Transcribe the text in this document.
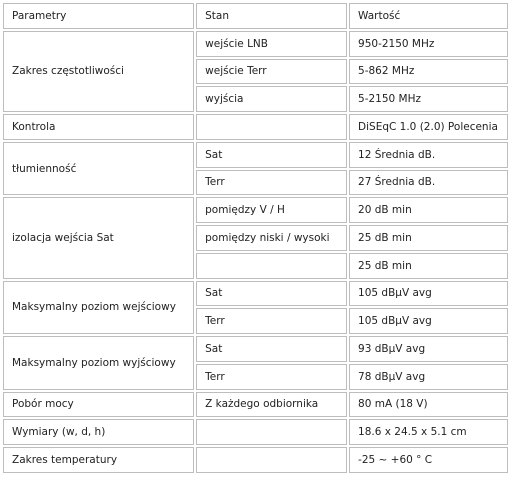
Parametry	Stan	Wartość
Zakres częstotliwości	wejście LNB	950-2150 MHz
	wejście Terr	5-862 MHz
	wyjścia	5-2150 MHz
Kontrola		DiSEqC 1.0 (2.0) Polecenia
tłumienność	Sat	12 Średnia dB.
	Terr	27 Średnia dB.
izolacja wejścia Sat	pomiędzy V / H	20 dB min
	pomiędzy niski / wysoki	25 dB min
		25 dB min
Maksymalny poziom wejściowy	Sat	105 dBµV avg
	Terr	105 dBµV avg
Maksymalny poziom wyjściowy	Sat	93 dBµV avg
	Terr	78 dBµV avg
Pobór mocy	Z każdego odbiornika	80 mA (18 V)
Wymiary (w, d, h)		18.6 x 24.5 x 5.1 cm
Zakres temperatury		-25 ~ +60 ° C
